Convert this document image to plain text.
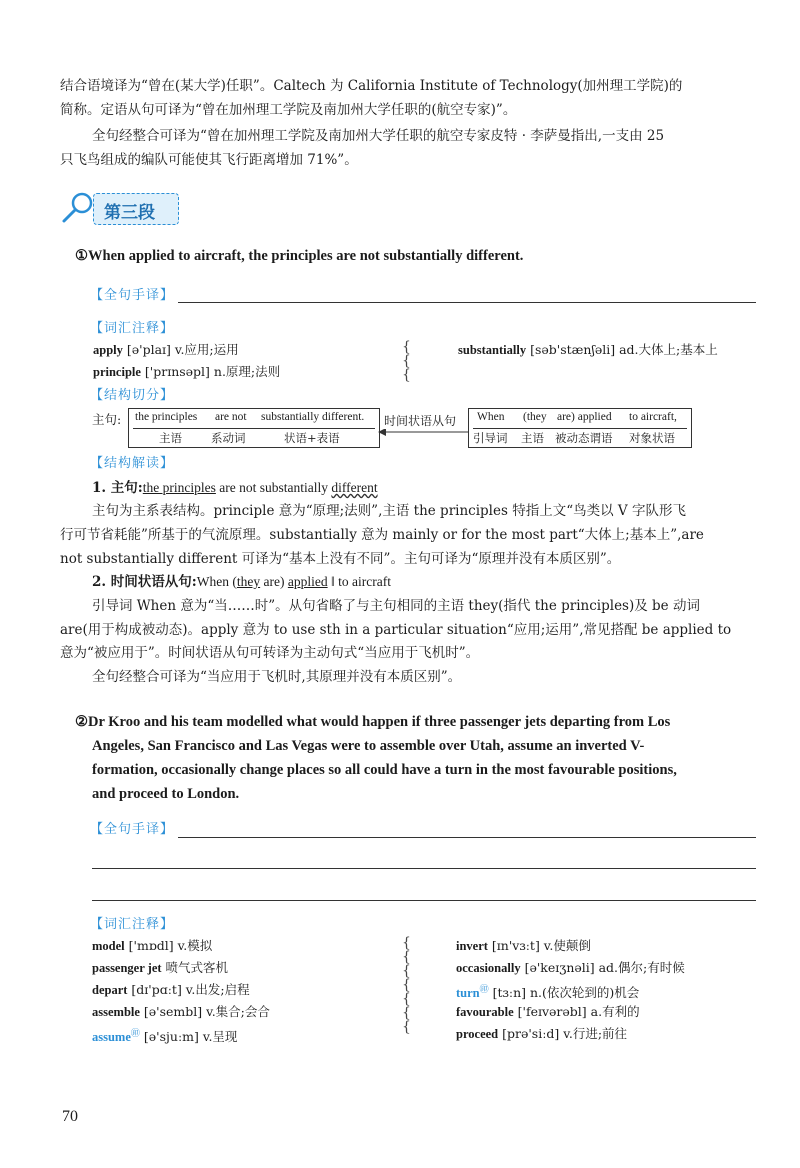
结合语境译为“曾在(某大学)任职”。Caltech 为 California Institute of Technology(加州理工学院)的
简称。定语从句可译为“曾在加州理工学院及南加州大学任职的(航空专家)”。
全句经整合可译为“曾在加州理工学院及南加州大学任职的航空专家皮特 · 李萨曼指出,一支由 25
只飞鸟组成的编队可能使其飞行距离增加 71%”。
第三段
①When applied to aircraft, the principles are not substantially different.
【全句手译】
【词汇注释】
apply [ə'plaɪ] v.应用;运用
principle ['prɪnsəpl] n.原理;法则
{
{
{
substantially [səb'stænʃəli] ad.大体上;基本上
【结构切分】
主句: the principles are not substantially different.
主语	系动词	状语+表语
时间状语从句 When (they are) applied to aircraft,
引导词 主语 被动态谓语 对象状语
【结构解读】
1. 主句:the principles are not substantially different
主句为主系表结构。principle 意为“原理;法则”,主语 the principles 特指上文“鸟类以 V 字队形飞
行可节省耗能”所基于的气流原理。substantially 意为 mainly or for the most part“大体上;基本上”,are
not substantially different 可译为“基本上没有不同”。主句可译为“原理并没有本质区别”。
2. 时间状语从句:When (they are) applied ‖ to aircraft
引导词 When 意为“当……时”。从句省略了与主句相同的主语 they(指代 the principles)及 be 动词
are(用于构成被动态)。apply 意为 to use sth in a particular situation“应用;运用”,常见搭配 be applied to
意为“被应用于”。时间状语从句可转译为主动句式“当应用于飞机时”。
全句经整合可译为“当应用于飞机时,其原理并没有本质区别”。
②Dr Kroo and his team modelled what would happen if three passenger jets departing from Los
Angeles, San Francisco and Las Vegas were to assemble over Utah, assume an inverted V-
formation, occasionally change places so all could have a turn in the most favourable positions,
and proceed to London.
【全句手译】
【词汇注释】
model ['mɒdl] v.模拟
passenger jet 喷气式客机
depart [dɪ'pɑːt] v.出发;启程
assemble [ə'sembl] v.集合;会合
assume㊞ [ə'sjuːm] v.呈现
{
{
{
{
{
{
{
invert [ɪn'vɜːt] v.使颠倒
occasionally [ə'keɪʒnəli] ad.偶尔;有时候
turn㊞ [tɜːn] n.(依次轮到的)机会
favourable ['feɪvərəbl] a.有利的
proceed [prə'siːd] v.行进;前往
70
